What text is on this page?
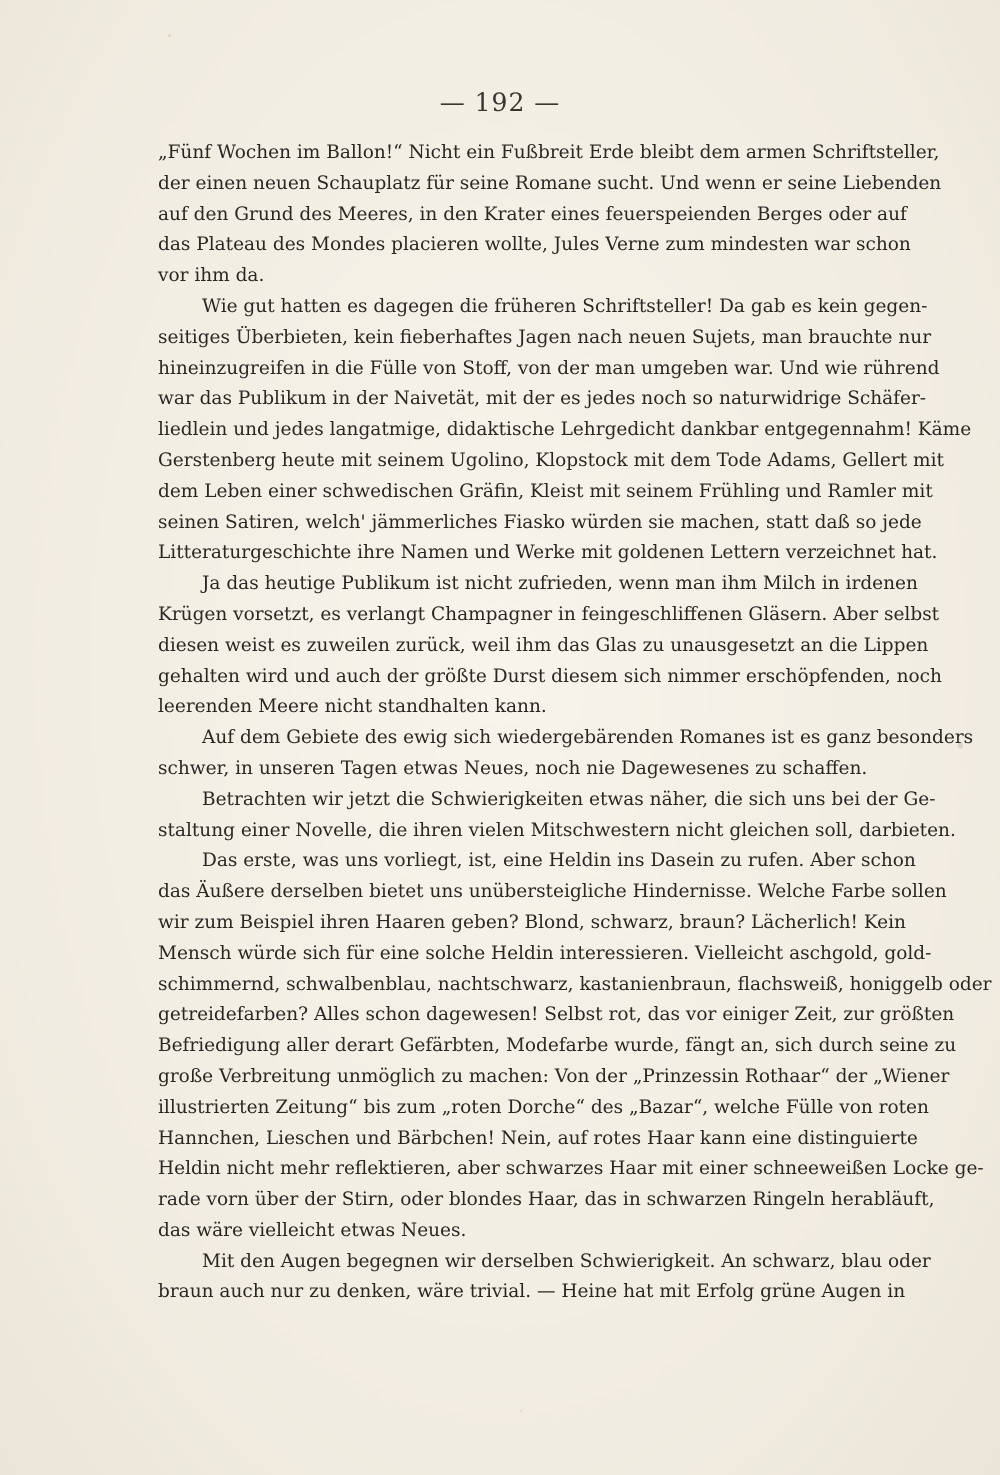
— 192 —
„Fünf Wochen im Ballon!“ Nicht ein Fußbreit Erde bleibt dem armen Schriftsteller,
der einen neuen Schauplatz für seine Romane sucht. Und wenn er seine Liebenden
auf den Grund des Meeres, in den Krater eines feuerspeienden Berges oder auf
das Plateau des Mondes placieren wollte, Jules Verne zum mindesten war schon
vor ihm da.
Wie gut hatten es dagegen die früheren Schriftsteller! Da gab es kein gegen-
seitiges Überbieten, kein fieberhaftes Jagen nach neuen Sujets, man brauchte nur
hineinzugreifen in die Fülle von Stoff, von der man umgeben war. Und wie rührend
war das Publikum in der Naivetät, mit der es jedes noch so naturwidrige Schäfer-
liedlein und jedes langatmige, didaktische Lehrgedicht dankbar entgegennahm! Käme
Gerstenberg heute mit seinem Ugolino, Klopstock mit dem Tode Adams, Gellert mit
dem Leben einer schwedischen Gräfin, Kleist mit seinem Frühling und Ramler mit
seinen Satiren, welch' jämmerliches Fiasko würden sie machen, statt daß so jede
Litteraturgeschichte ihre Namen und Werke mit goldenen Lettern verzeichnet hat.
Ja das heutige Publikum ist nicht zufrieden, wenn man ihm Milch in irdenen
Krügen vorsetzt, es verlangt Champagner in feingeschliffenen Gläsern. Aber selbst
diesen weist es zuweilen zurück, weil ihm das Glas zu unausgesetzt an die Lippen
gehalten wird und auch der größte Durst diesem sich nimmer erschöpfenden, noch
leerenden Meere nicht standhalten kann.
Auf dem Gebiete des ewig sich wiedergebärenden Romanes ist es ganz besonders
schwer, in unseren Tagen etwas Neues, noch nie Dagewesenes zu schaffen.
Betrachten wir jetzt die Schwierigkeiten etwas näher, die sich uns bei der Ge-
staltung einer Novelle, die ihren vielen Mitschwestern nicht gleichen soll, darbieten.
Das erste, was uns vorliegt, ist, eine Heldin ins Dasein zu rufen. Aber schon
das Äußere derselben bietet uns unübersteigliche Hindernisse. Welche Farbe sollen
wir zum Beispiel ihren Haaren geben? Blond, schwarz, braun? Lächerlich! Kein
Mensch würde sich für eine solche Heldin interessieren. Vielleicht aschgold, gold-
schimmernd, schwalbenblau, nachtschwarz, kastanienbraun, flachsweiß, honiggelb oder
getreidefarben? Alles schon dagewesen! Selbst rot, das vor einiger Zeit, zur größten
Befriedigung aller derart Gefärbten, Modefarbe wurde, fängt an, sich durch seine zu
große Verbreitung unmöglich zu machen: Von der „Prinzessin Rothaar“ der „Wiener
illustrierten Zeitung“ bis zum „roten Dorche“ des „Bazar“, welche Fülle von roten
Hannchen, Lieschen und Bärbchen! Nein, auf rotes Haar kann eine distinguierte
Heldin nicht mehr reflektieren, aber schwarzes Haar mit einer schneeweißen Locke ge-
rade vorn über der Stirn, oder blondes Haar, das in schwarzen Ringeln herabläuft,
das wäre vielleicht etwas Neues.
Mit den Augen begegnen wir derselben Schwierigkeit. An schwarz, blau oder
braun auch nur zu denken, wäre trivial. — Heine hat mit Erfolg grüne Augen in
